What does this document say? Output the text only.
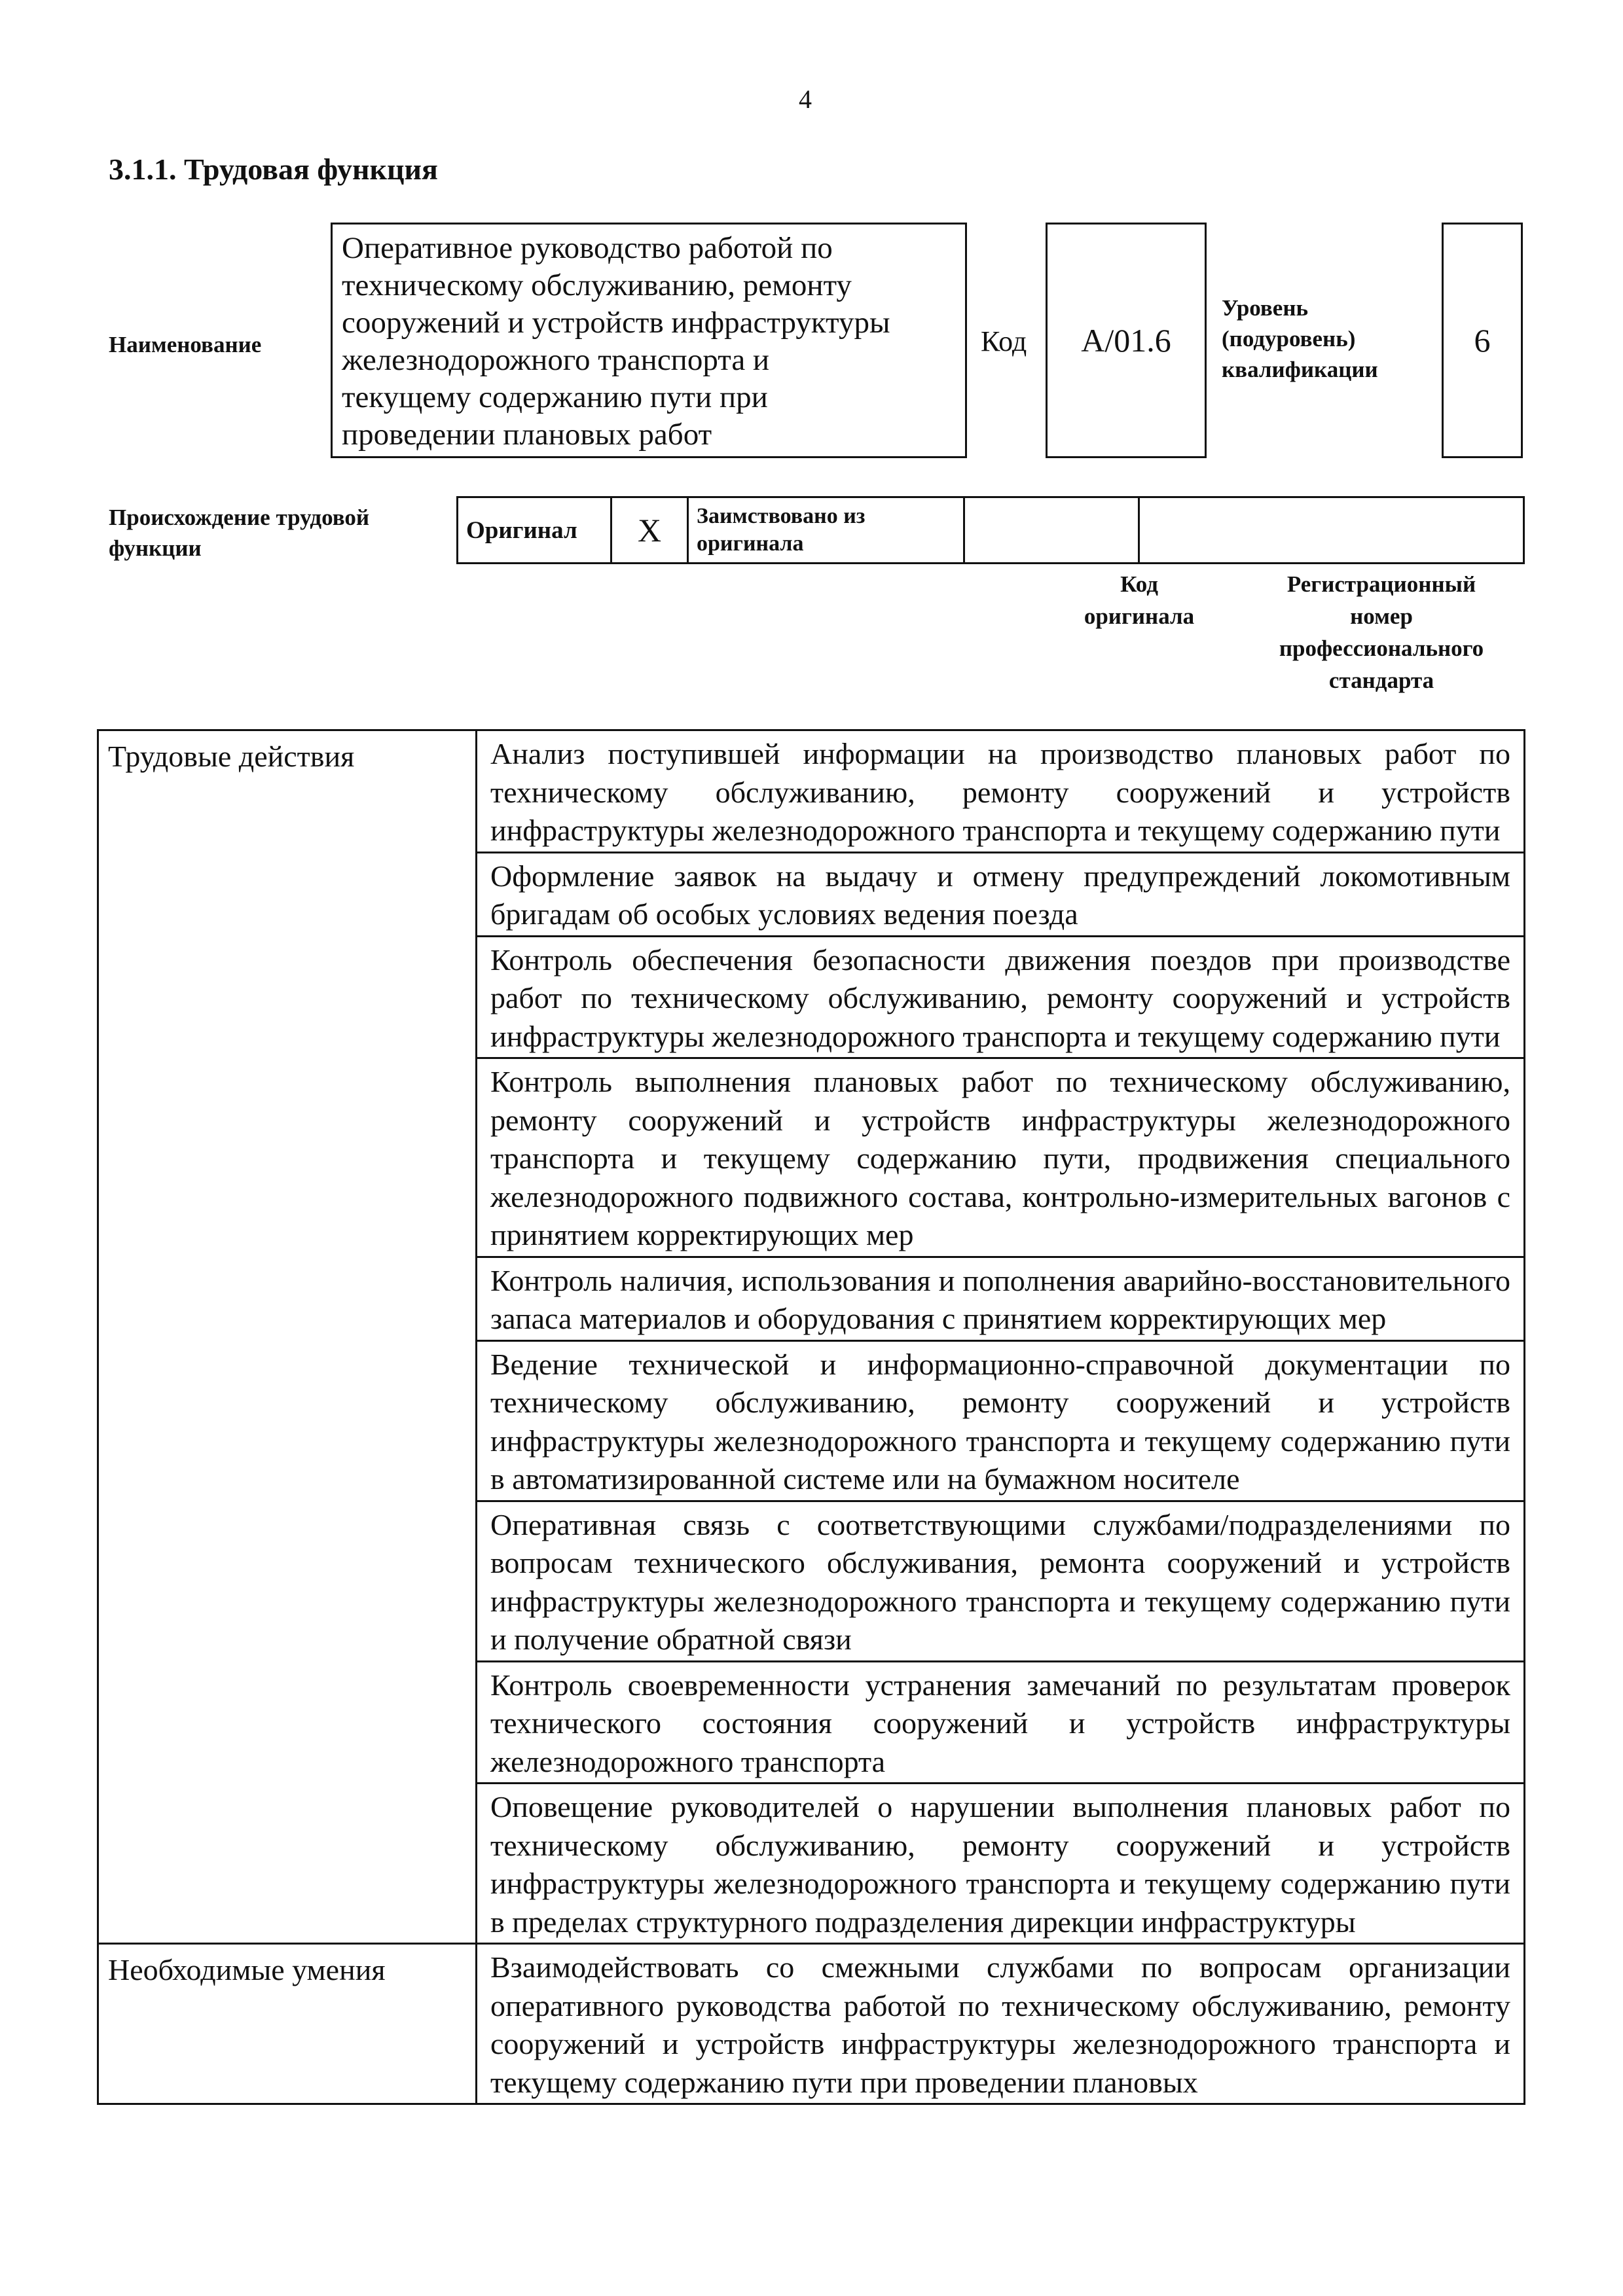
4
3.1.1. Трудовая функция
Наименование
Оперативное руководство работой по
техническому обслуживанию, ремонту
сооружений и устройств инфраструктуры
железнодорожного транспорта и
текущему содержанию пути при
проведении плановых работ
Код	А/01.6
Уровень
(подуровень)
квалификации
6
Происхождение трудовой функции
Оригинал	X	Заимствовано из оригинала		
Код
оригинала
Регистрационный
номер
профессионального
стандарта
Трудовые действия	Анализ поступившей информации на производство плановых работ по техническому обслуживанию, ремонту сооружений и устройств инфраструктуры железнодорожного транспорта и текущему содержанию пути
	Оформление заявок на выдачу и отмену предупреждений локомотивным бригадам об особых условиях ведения поезда
	Контроль обеспечения безопасности движения поездов при производстве работ по техническому обслуживанию, ремонту сооружений и устройств инфраструктуры железнодорожного транспорта и текущему содержанию пути
	Контроль выполнения плановых работ по техническому обслуживанию, ремонту сооружений и устройств инфраструктуры железнодорожного транспорта и текущему содержанию пути, продвижения специального железнодорожного подвижного состава, контрольно-измерительных вагонов с принятием корректирующих мер
	Контроль наличия, использования и пополнения аварийно-восстановительного запаса материалов и оборудования с принятием корректирующих мер
	Ведение технической и информационно-справочной документации по техническому обслуживанию, ремонту сооружений и устройств инфраструктуры железнодорожного транспорта и текущему содержанию пути в автоматизированной системе или на бумажном носителе
	Оперативная связь с соответствующими службами/подразделениями по вопросам технического обслуживания, ремонта сооружений и устройств инфраструктуры железнодорожного транспорта и текущему содержанию пути и получение обратной связи
	Контроль своевременности устранения замечаний по результатам проверок технического состояния сооружений и устройств инфраструктуры железнодорожного транспорта
	Оповещение руководителей о нарушении выполнения плановых работ по техническому обслуживанию, ремонту сооружений и устройств инфраструктуры железнодорожного транспорта и текущему содержанию пути в пределах структурного подразделения дирекции инфраструктуры
Необходимые умения	Взаимодействовать со смежными службами по вопросам организации оперативного руководства работой по техническому обслуживанию, ремонту сооружений и устройств инфраструктуры железнодорожного транспорта и текущему содержанию пути при проведении плановых
